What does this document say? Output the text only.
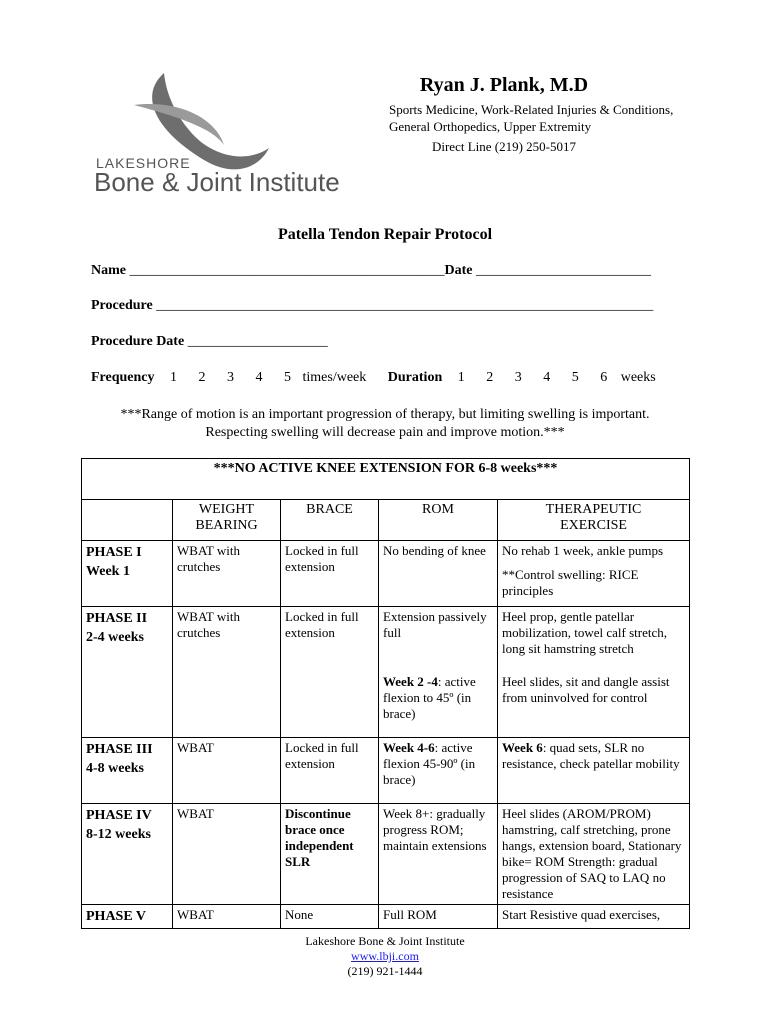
LAKESHORE
Bone & Joint Institute
Ryan J. Plank, M.D
Sports Medicine, Work-Related Injuries & Conditions,
General Orthopedics, Upper Extremity
Direct Line (219) 250-5017
Patella Tendon Repair Protocol
Name _____________________________________________Date _________________________
Procedure _______________________________________________________________________
Procedure Date ____________________
Frequency 1 2 3 4 5 times/week Duration 1 2 3 4 5 6 weeks
***Range of motion is an important progression of therapy, but limiting swelling is important.
Respecting swelling will decrease pain and improve motion.***
***NO ACTIVE KNEE EXTENSION FOR 6-8 weeks***				
	WEIGHT
BEARING	BRACE	ROM	THERAPEUTIC
EXERCISE
PHASE I
Week 1	WBAT with crutches	Locked in full extension	No bending of knee	No rehab 1 week, ankle pumps
**Control swelling: RICE principles

PHASE II
2-4 weeks	WBAT with crutches	Locked in full extension	Extension passively full	Heel prop, gentle patellar mobilization, towel calf stretch, long sit hamstring stretch
			Week 2 -4: active flexion to 45º (in brace)	Heel slides, sit and dangle assist from uninvolved for control
PHASE III
4-8 weeks	WBAT	Locked in full extension	Week 4-6: active flexion 45-90º (in brace)	Week 6: quad sets, SLR no resistance, check patellar mobility
PHASE IV
8-12 weeks	WBAT	Discontinue brace once independent SLR	Week 8+: gradually progress ROM; maintain extensions	Heel slides (AROM/PROM) hamstring, calf stretching, prone hangs, extension board, Stationary bike= ROM Strength: gradual progression of SAQ to LAQ no resistance
PHASE V	WBAT	None	Full ROM	Start Resistive quad exercises,
Lakeshore Bone & Joint Institute
www.lbji.com
(219) 921-1444
